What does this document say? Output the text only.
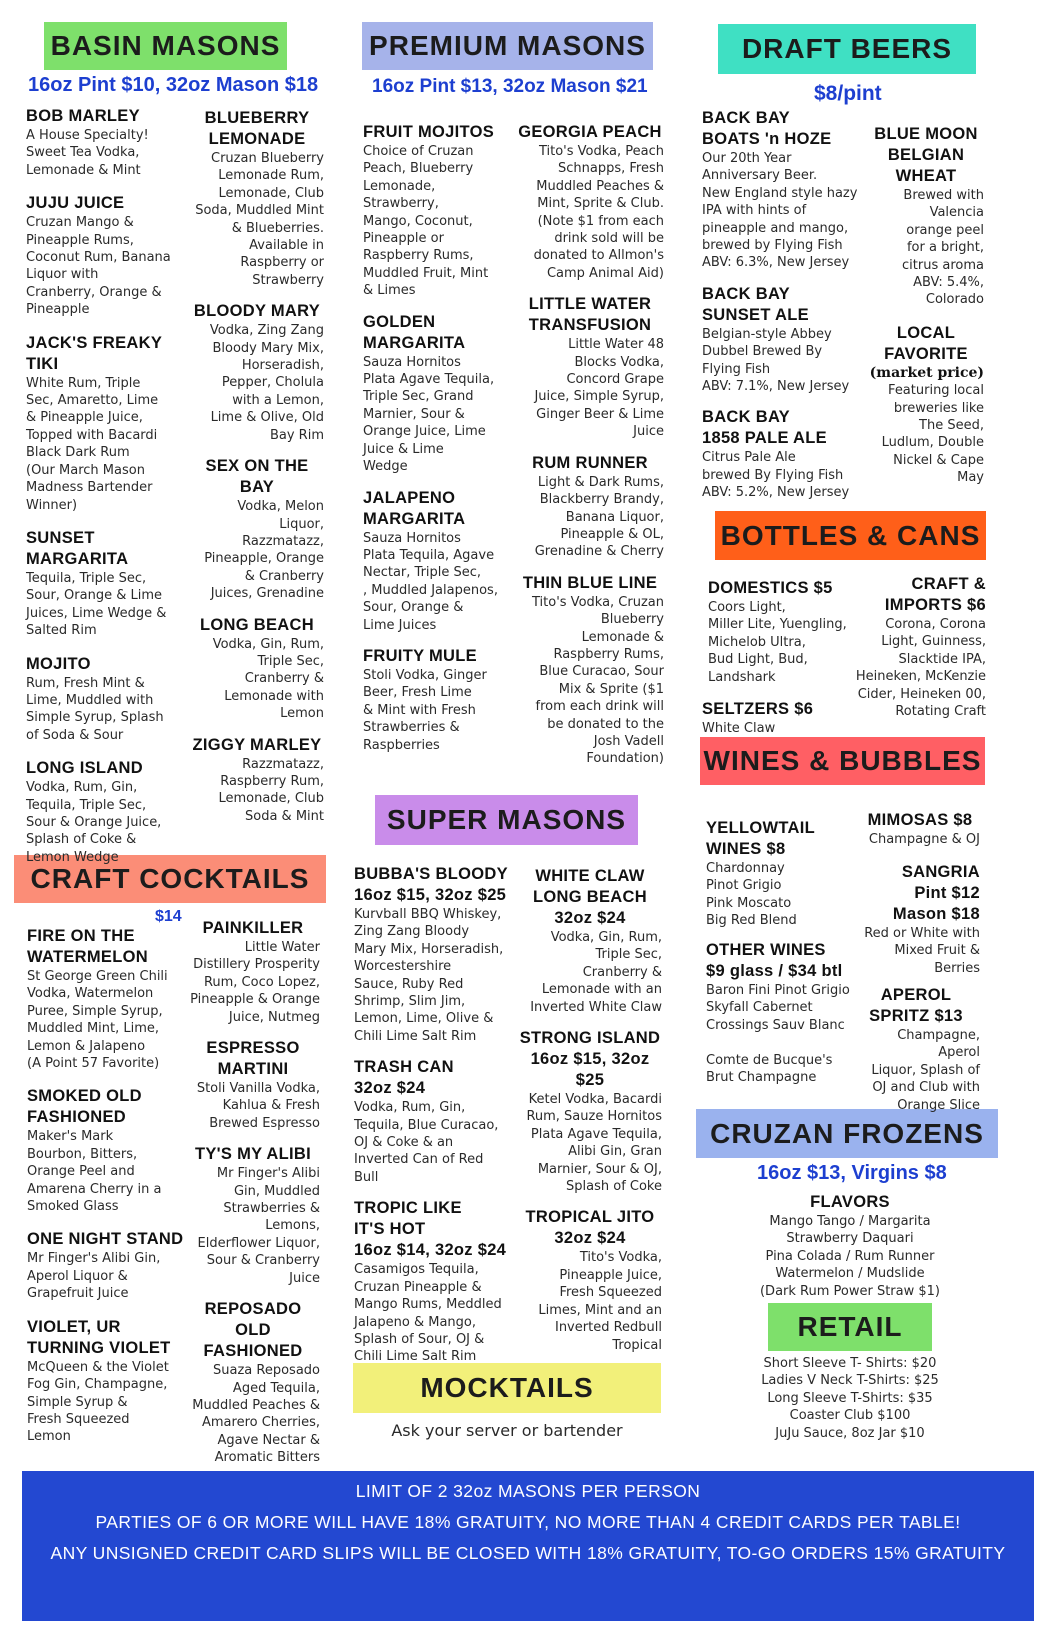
BASIN MASONS
16oz Pint $10, 32oz Mason $18
PREMIUM MASONS
16oz Pint $13, 32oz Mason $21
DRAFT BEERS
$8/pint
BOTTLES & CANS
WINES & BUBBLES
CRAFT COCKTAILS
$14
SUPER MASONS
MOCKTAILS
Ask your server or bartender
CRUZAN FROZENS
16oz $13, Virgins $8
RETAIL
BOB MARLEY
A House Specialty!
Sweet Tea Vodka,
Lemonade & Mint
JUJU JUICE
Cruzan Mango &
Pineapple Rums,
Coconut Rum, Banana
Liquor with
Cranberry, Orange &
Pineapple
JACK'S FREAKY
TIKI
White Rum, Triple
Sec, Amaretto, Lime
& Pineapple Juice,
Topped with Bacardi
Black Dark Rum
(Our March Mason
Madness Bartender
Winner)
SUNSET
MARGARITA
Tequila, Triple Sec,
Sour, Orange & Lime
Juices, Lime Wedge &
Salted Rim
MOJITO
Rum, Fresh Mint &
Lime, Muddled with
Simple Syrup, Splash
of Soda & Sour
LONG ISLAND
Vodka, Rum, Gin,
Tequila, Triple Sec,
Sour & Orange Juice,
Splash of Coke &
Lemon Wedge
BLUEBERRY
LEMONADE
Cruzan Blueberry
Lemonade Rum,
Lemonade, Club
Soda, Muddled Mint
& Blueberries.
Available in
Raspberry or
Strawberry
BLOODY MARY
Vodka, Zing Zang
Bloody Mary Mix,
Horseradish,
Pepper, Cholula
with a Lemon,
Lime & Olive, Old
Bay Rim
SEX ON THE
BAY
Vodka, Melon
Liquor,
Razzmatazz,
Pineapple, Orange
& Cranberry
Juices, Grenadine
LONG BEACH
Vodka, Gin, Rum,
Triple Sec,
Cranberry &
Lemonade with
Lemon
ZIGGY MARLEY
Razzmatazz,
Raspberry Rum,
Lemonade, Club
Soda & Mint
FRUIT MOJITOS
Choice of Cruzan
Peach, Blueberry
Lemonade,
Strawberry,
Mango, Coconut,
Pineapple or
Raspberry Rums,
Muddled Fruit, Mint
& Limes
GOLDEN
MARGARITA
Sauza Hornitos
Plata Agave Tequila,
Triple Sec, Grand
Marnier, Sour &
Orange Juice, Lime
Juice & Lime
Wedge
JALAPENO
MARGARITA
Sauza Hornitos
Plata Tequila, Agave
Nectar, Triple Sec,
, Muddled Jalapenos,
Sour, Orange &
Lime Juices
FRUITY MULE
Stoli Vodka, Ginger
Beer, Fresh Lime
& Mint with Fresh
Strawberries &
Raspberries
GEORGIA PEACH
Tito's Vodka, Peach
Schnapps, Fresh
Muddled Peaches &
Mint, Sprite & Club.
(Note $1 from each
drink sold will be
donated to Allmon's
Camp Animal Aid)
LITTLE WATER
TRANSFUSION
Little Water 48
Blocks Vodka,
Concord Grape
Juice, Simple Syrup,
Ginger Beer & Lime
Juice
RUM RUNNER
Light & Dark Rums,
Blackberry Brandy,
Banana Liquor,
Pineapple & OL,
Grenadine & Cherry
THIN BLUE LINE
Tito's Vodka, Cruzan
Blueberry
Lemonade &
Raspberry Rums,
Blue Curacao, Sour
Mix & Sprite ($1
from each drink will
be donated to the
Josh Vadell
Foundation)
BACK BAY
BOATS 'n HOZE
Our 20th Year
Anniversary Beer.
New England style hazy
IPA with hints of
pineapple and mango,
brewed by Flying Fish
ABV: 6.3%, New Jersey
BACK BAY
SUNSET ALE
Belgian-style Abbey
Dubbel Brewed By
Flying Fish
ABV: 7.1%, New Jersey
BACK BAY
1858 PALE ALE
Citrus Pale Ale
brewed By Flying Fish
ABV: 5.2%, New Jersey
BLUE MOON
BELGIAN
WHEAT
Brewed with
Valencia
orange peel
for a bright,
citrus aroma
ABV: 5.4%,
Colorado
LOCAL
FAVORITE
(market price)
Featuring local
breweries like
The Seed,
Ludlum, Double
Nickel & Cape
May
DOMESTICS $5
Coors Light,
Miller Lite, Yuengling,
Michelob Ultra,
Bud Light, Bud,
Landshark
CRAFT &
IMPORTS $6
Corona, Corona
Light, Guinness,
Slacktide IPA,
Heineken, McKenzie
Cider, Heineken 00,
Rotating Craft
SELTZERS $6
White Claw
YELLOWTAIL
WINES $8
Chardonnay
Pinot Grigio
Pink Moscato
Big Red Blend
OTHER WINES
$9 glass / $34 btl
Baron Fini Pinot Grigio
Skyfall Cabernet
Crossings Sauv Blanc

Comte de Bucque's
Brut Champagne
MIMOSAS $8
Champagne & OJ
SANGRIA
Pint $12
Mason $18
Red or White with
Mixed Fruit &
Berries
APEROL
SPRITZ $13
Champagne, Aperol
Liquor, Splash of
OJ and Club with
Orange Slice
FIRE ON THE
WATERMELON
St George Green Chili
Vodka, Watermelon
Puree, Simple Syrup,
Muddled Mint, Lime,
Lemon & Jalapeno
(A Point 57 Favorite)
SMOKED OLD
FASHIONED
Maker's Mark
Bourbon, Bitters,
Orange Peel and
Amarena Cherry in a
Smoked Glass
ONE NIGHT STAND
Mr Finger's Alibi Gin,
Aperol Liquor &
Grapefruit Juice
VIOLET, UR
TURNING VIOLET
McQueen & the Violet
Fog Gin, Champagne,
Simple Syrup &
Fresh Squeezed
Lemon
PAINKILLER
Little Water
Distillery Prosperity
Rum, Coco Lopez,
Pineapple & Orange
Juice, Nutmeg
ESPRESSO
MARTINI
Stoli Vanilla Vodka,
Kahlua & Fresh
Brewed Espresso
TY'S MY ALIBI
Mr Finger's Alibi
Gin, Muddled
Strawberries &
Lemons,
Elderflower Liquor,
Sour & Cranberry
Juice
REPOSADO OLD
FASHIONED
Suaza Reposado
Aged Tequila,
Muddled Peaches &
Amarero Cherries,
Agave Nectar &
Aromatic Bitters
BUBBA'S BLOODY
16oz $15, 32oz $25
Kurvball BBQ Whiskey,
Zing Zang Bloody
Mary Mix, Horseradish,
Worcestershire
Sauce, Ruby Red
Shrimp, Slim Jim,
Lemon, Lime, Olive &
Chili Lime Salt Rim
TRASH CAN
32oz $24
Vodka, Rum, Gin,
Tequila, Blue Curacao,
OJ & Coke & an
Inverted Can of Red
Bull
TROPIC LIKE
IT'S HOT
16oz $14, 32oz $24
Casamigos Tequila,
Cruzan Pineapple &
Mango Rums, Meddled
Jalapeno & Mango,
Splash of Sour, OJ &
Chili Lime Salt Rim
WHITE CLAW
LONG BEACH
32oz $24
Vodka, Gin, Rum,
Triple Sec,
Cranberry &
Lemonade with an
Inverted White Claw
STRONG ISLAND
16oz $15, 32oz
$25
Ketel Vodka, Bacardi
Rum, Sauze Hornitos
Plata Agave Tequila,
Alibi Gin, Gran
Marnier, Sour & OJ,
Splash of Coke
TROPICAL JITO
32oz $24
Tito's Vodka,
Pineapple Juice,
Fresh Squeezed
Limes, Mint and an
Inverted Redbull
Tropical
FLAVORS
Mango Tango / Margarita
Strawberry Daquari
Pina Colada / Rum Runner
Watermelon / Mudslide
(Dark Rum Power Straw $1)
Short Sleeve T- Shirts: $20
Ladies V Neck T-Shirts: $25
Long Sleeve T-Shirts: $35
Coaster Club $100
JuJu Sauce, 8oz Jar $10
LIMIT OF 2 32oz MASONS PER PERSON
PARTIES OF 6 OR MORE WILL HAVE 18% GRATUITY, NO MORE THAN 4 CREDIT CARDS PER TABLE!
ANY UNSIGNED CREDIT CARD SLIPS WILL BE CLOSED WITH 18% GRATUITY, TO-GO ORDERS 15% GRATUITY
